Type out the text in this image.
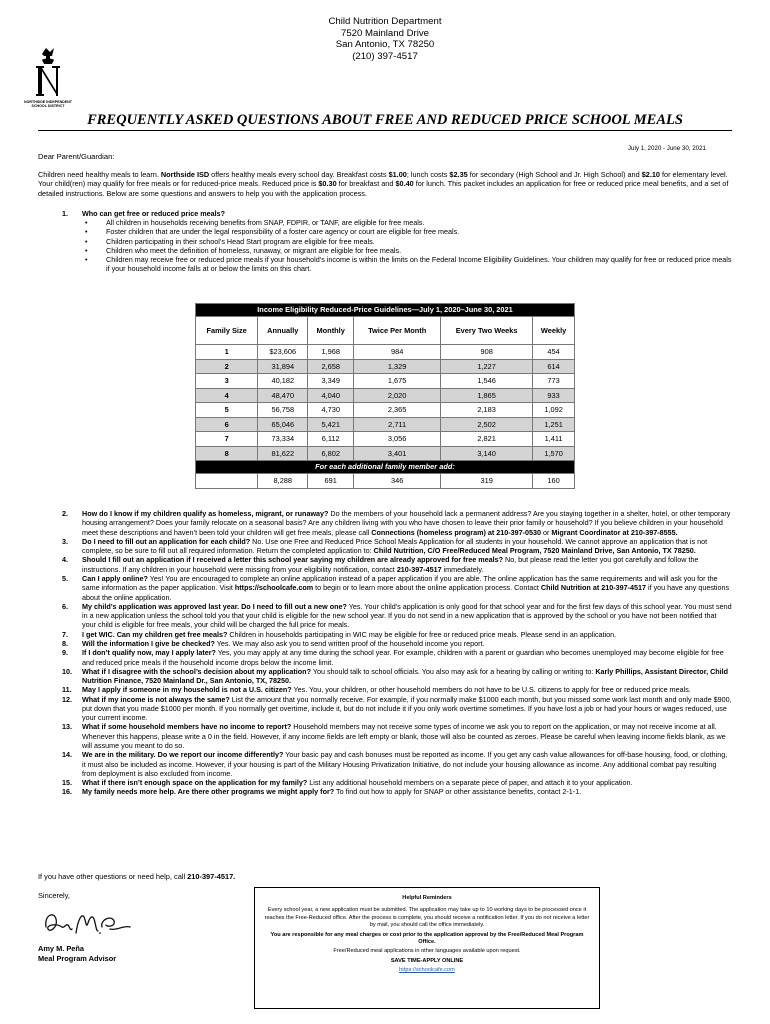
Child Nutrition Department
7520 Mainland Drive
San Antonio, TX 78250
(210) 397-4517
NORTHSIDE INDEPENDENT
SCHOOL DISTRICT
FREQUENTLY ASKED QUESTIONS ABOUT FREE AND REDUCED PRICE SCHOOL MEALS
July 1, 2020 - June 30, 2021
Dear Parent/Guardian:
Children need healthy meals to learn. Northside ISD offers healthy meals every school day. Breakfast costs $1.00; lunch costs $2.35 for secondary (High School and Jr. High School) and $2.10 for elementary level. Your child(ren) may qualify for free meals or for reduced-price meals. Reduced price is $0.30 for breakfast and $0.40 for lunch. This packet includes an application for free or reduced price meal benefits, and a set of detailed instructions. Below are some questions and answers to help you with the application process.
1.	Who can get free or reduced price meals?
• All children in households receiving benefits from SNAP, FDPIR, or TANF, are eligible for free meals.
• Foster children that are under the legal responsibility of a foster care agency or court are eligible for free meals.
• Children participating in their school’s Head Start program are eligible for free meals.
• Children who meet the definition of homeless, runaway, or migrant are eligible for free meals.
• Children may receive free or reduced price meals if your household’s income is within the limits on the Federal Income Eligibility Guidelines. Your children may qualify for free or reduced price meals if your household income falls at or below the limits on this chart.
Income Eligibility Reduced-Price Guidelines—July 1, 2020–June 30, 2021					
Family Size	Annually	Monthly	Twice Per Month	Every Two Weeks	Weekly
1	$23,606	1,968	984	908	454
2	31,894	2,658	1,329	1,227	614
3	40,182	3,349	1,675	1,546	773
4	48,470	4,040	2,020	1,865	933
5	56,758	4,730	2,365	2,183	1,092
6	65,046	5,421	2,711	2,502	1,251
7	73,334	6,112	3,056	2,821	1,411
8	81,622	6,802	3,401	3,140	1,570
For each additional family member add:					
	8,288	691	346	319	160
2.	How do I know if my children qualify as homeless, migrant, or runaway? Do the members of your household lack a permanent address? Are you staying together in a shelter, hotel, or other temporary housing arrangement? Does your family relocate on a seasonal basis? Are any children living with you who have chosen to leave their prior family or household? If you believe children in your household meet these descriptions and haven’t been told your children will get free meals, please call Connections (homeless program) at 210-397-0530 or Migrant Coordinator at 210-397-8555.
3.	Do I need to fill out an application for each child? No. Use one Free and Reduced Price School Meals Application for all students in your household. We cannot approve an application that is not complete, so be sure to fill out all required information. Return the completed application to: Child Nutrition, C/O Free/Reduced Meal Program, 7520 Mainland Drive, San Antonio, TX 78250.
4.	Should I fill out an application if I received a letter this school year saying my children are already approved for free meals? No, but please read the letter you got carefully and follow the instructions. If any children in your household were missing from your eligibility notification, contact 210-397-4517 immediately.
5.	Can I apply online? Yes! You are encouraged to complete an online application instead of a paper application if you are able. The online application has the same requirements and will ask you for the same information as the paper application. Visit https://schoolcafe.com to begin or to learn more about the online application process. Contact Child Nutrition at 210-397-4517 if you have any questions about the online application.
6.	My child’s application was approved last year. Do I need to fill out a new one? Yes. Your child’s application is only good for that school year and for the first few days of this school year. You must send in a new application unless the school told you that your child is eligible for the new school year. If you do not send in a new application that is approved by the school or you have not been notified that your child is eligible for free meals, your child will be charged the full price for meals.
7.	I get WIC. Can my children get free meals? Children in households participating in WIC may be eligible for free or reduced price meals. Please send in an application.
8.	Will the information I give be checked? Yes. We may also ask you to send written proof of the household income you report.
9.	If I don’t qualify now, may I apply later? Yes, you may apply at any time during the school year. For example, children with a parent or guardian who becomes unemployed may become eligible for free and reduced price meals if the household income drops below the income limit.
10.	What if I disagree with the school’s decision about my application? You should talk to school officials. You also may ask for a hearing by calling or writing to: Karly Phillips, Assistant Director, Child Nutrition Finance, 7520 Mainland Dr., San Antonio, TX, 78250.
11.	May I apply if someone in my household is not a U.S. citizen? Yes. You, your children, or other household members do not have to be U.S. citizens to apply for free or reduced price meals.
12.	What if my income is not always the same? List the amount that you normally receive. For example, if you normally make $1000 each month, but you missed some work last month and only made $900, put down that you made $1000 per month. If you normally get overtime, include it, but do not include it if you only work overtime sometimes. If you have lost a job or had your hours or wages reduced, use your current income.
13.	What if some household members have no income to report? Household members may not receive some types of income we ask you to report on the application, or may not receive income at all. Whenever this happens, please write a 0 in the field. However, if any income fields are left empty or blank, those will also be counted as zeroes. Please be careful when leaving income fields blank, as we will assume you meant to do so.
14.	We are in the military. Do we report our income differently? Your basic pay and cash bonuses must be reported as income. If you get any cash value allowances for off-base housing, food, or clothing, it must also be included as income. However, if your housing is part of the Military Housing Privatization Initiative, do not include your housing allowance as income. Any additional combat pay resulting from deployment is also excluded from income.
15.	What if there isn’t enough space on the application for my family? List any additional household members on a separate piece of paper, and attach it to your application.
16.	My family needs more help. Are there other programs we might apply for? To find out how to apply for SNAP or other assistance benefits, contact 2-1-1.
If you have other questions or need help, call 210-397-4517.
Sincerely,
Amy M. Peña
Meal Program Advisor
Helpful Reminders

Every school year, a new application must be submitted. The application may take up to 10 working days to be processed once it reaches the Free-Reduced office. After the process is complete, you should receive a notification letter. If you do not receive a letter by mail, you should call the office immediately.

You are responsible for any meal charges or cost prior to the application approval by the Free/Reduced Meal Program Office.

Free/Reduced meal applications in other languages available upon request.

SAVE TIME-APPLY ONLINE

https://schoolcafe.com
